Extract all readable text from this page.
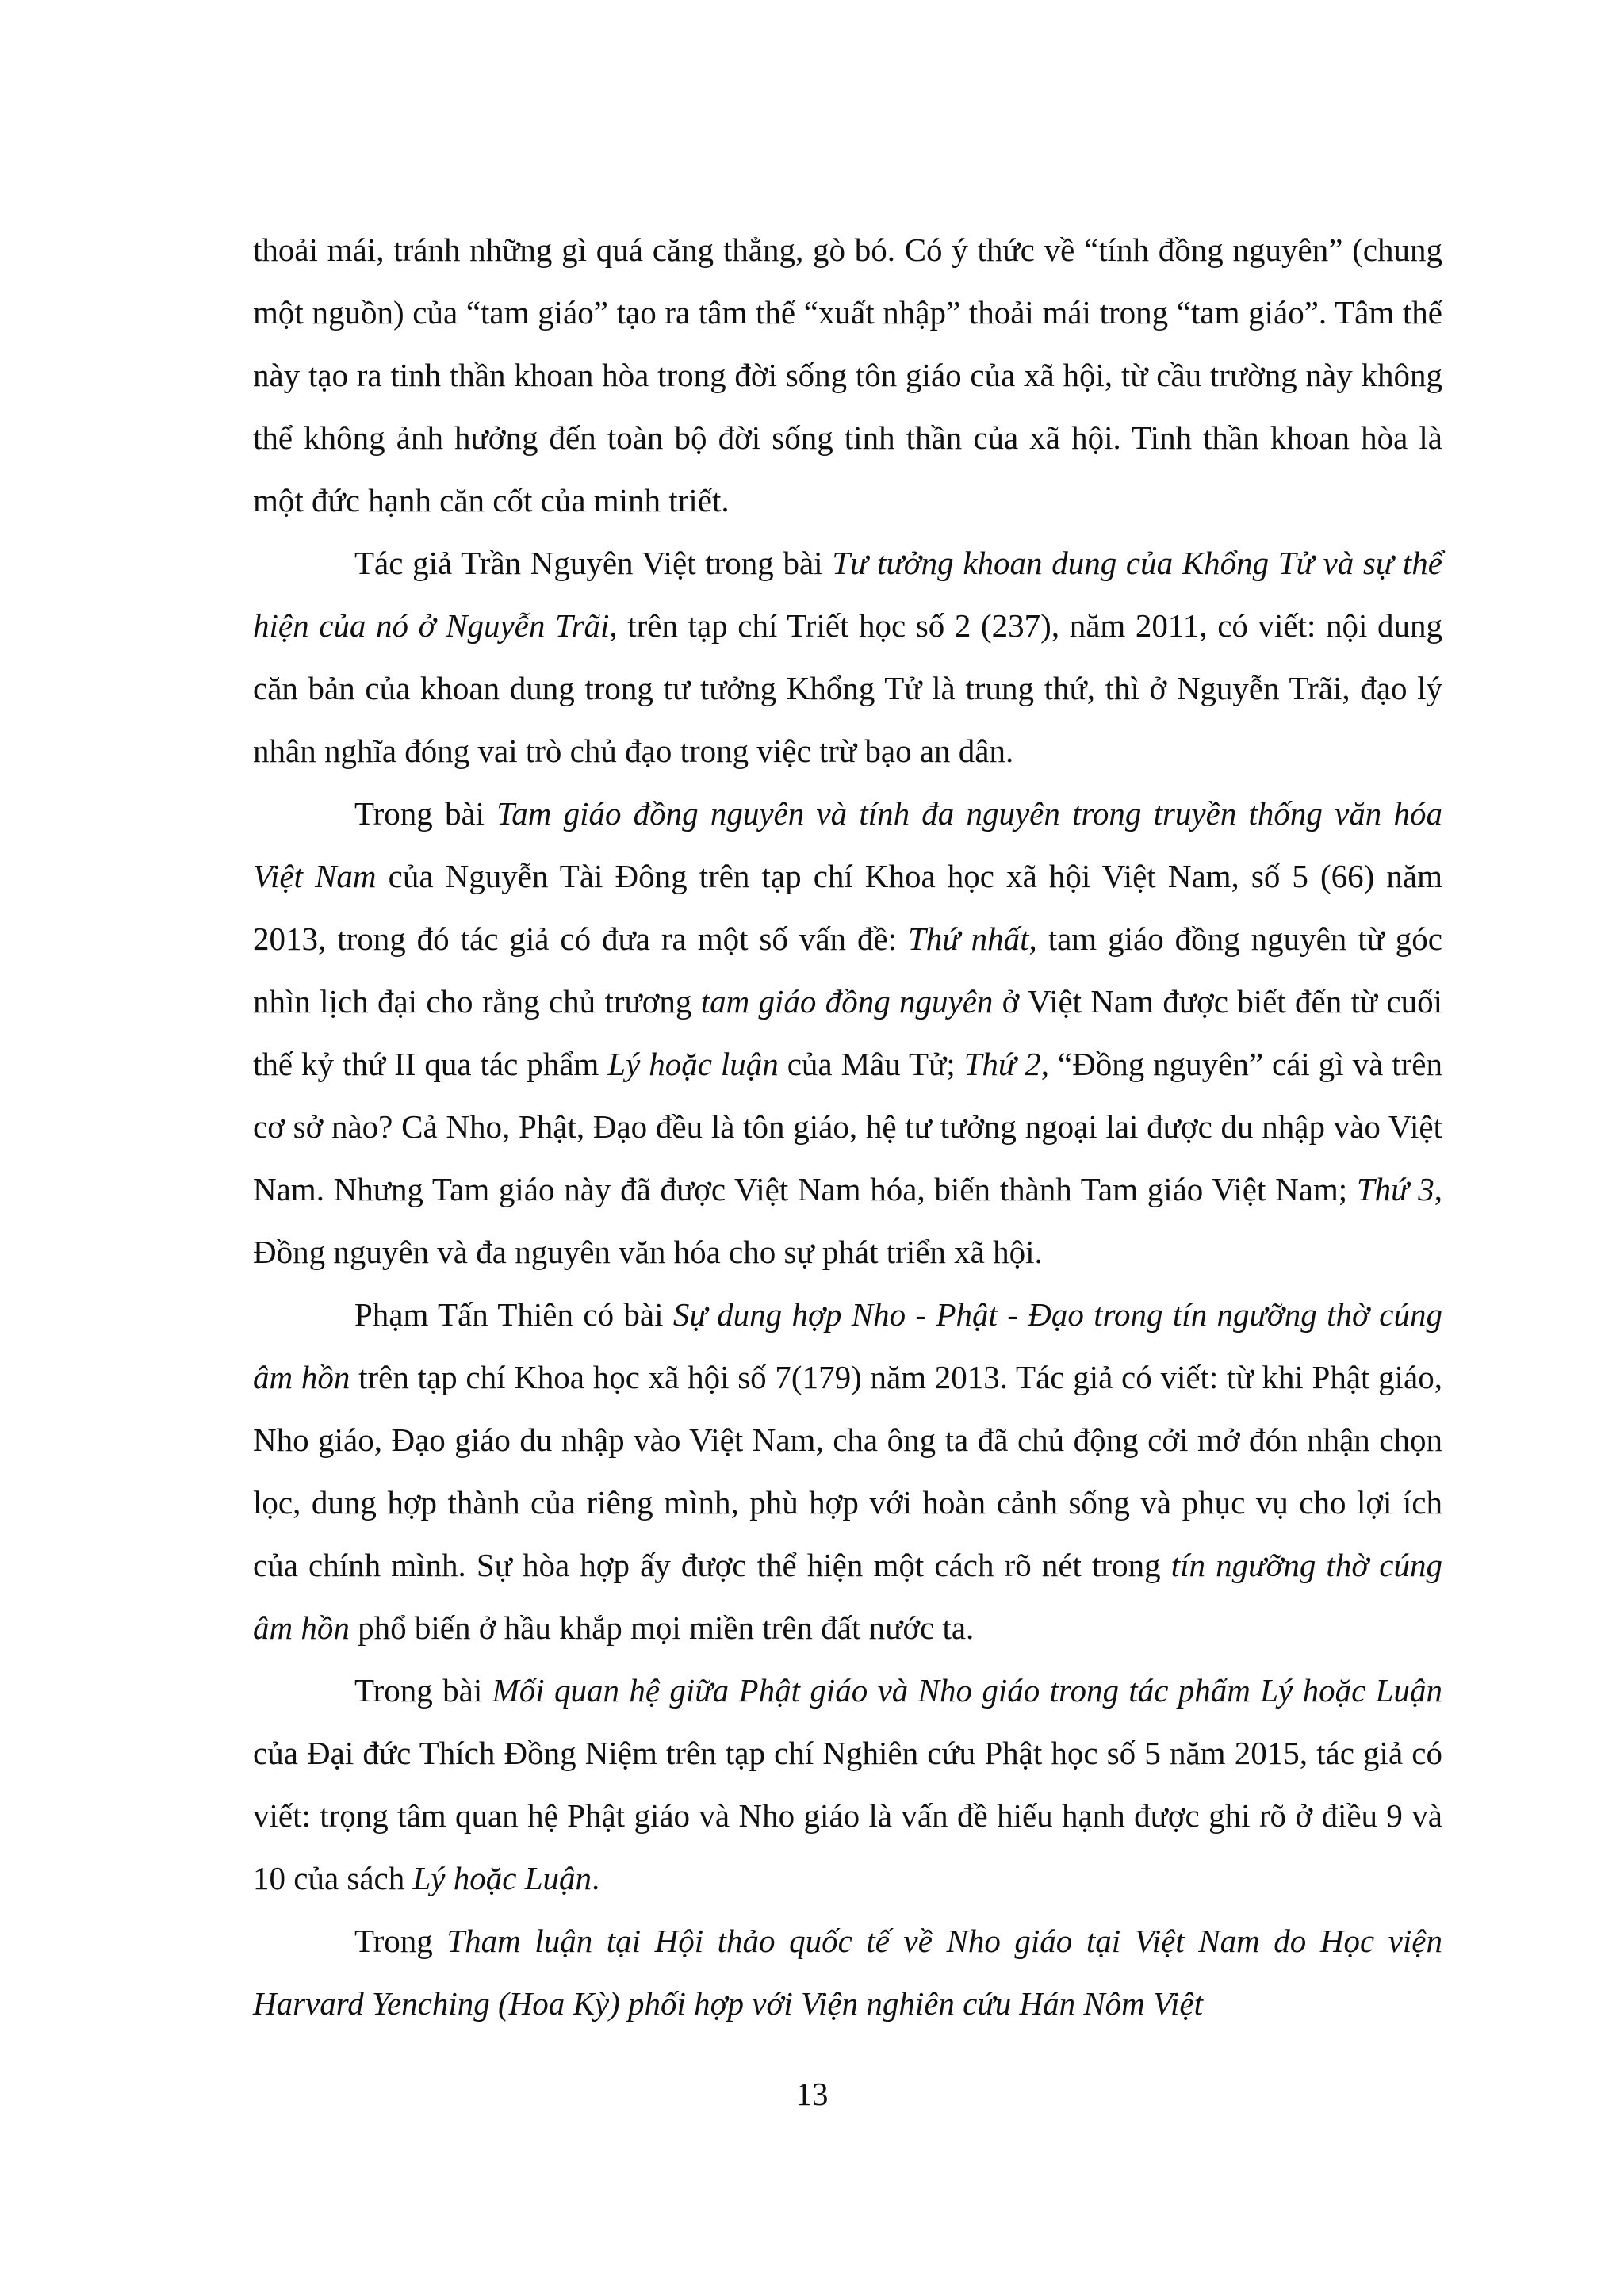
thoải mái, tránh những gì quá căng thẳng, gò bó. Có ý thức về “tính đồng nguyên” (chung một nguồn) của “tam giáo” tạo ra tâm thế “xuất nhập” thoải mái trong “tam giáo”. Tâm thế này tạo ra tinh thần khoan hòa trong đời sống tôn giáo của xã hội, từ cầu trường này không thể không ảnh hưởng đến toàn bộ đời sống tinh thần của xã hội. Tinh thần khoan hòa là một đức hạnh căn cốt của minh triết.

Tác giả Trần Nguyên Việt trong bài Tư tưởng khoan dung của Khổng Tử và sự thể hiện của nó ở Nguyễn Trãi, trên tạp chí Triết học số 2 (237), năm 2011, có viết: nội dung căn bản của khoan dung trong tư tưởng Khổng Tử là trung thứ, thì ở Nguyễn Trãi, đạo lý nhân nghĩa đóng vai trò chủ đạo trong việc trừ bạo an dân.

Trong bài Tam giáo đồng nguyên và tính đa nguyên trong truyền thống văn hóa Việt Nam của Nguyễn Tài Đông trên tạp chí Khoa học xã hội Việt Nam, số 5 (66) năm 2013, trong đó tác giả có đưa ra một số vấn đề: Thứ nhất, tam giáo đồng nguyên từ góc nhìn lịch đại cho rằng chủ trương tam giáo đồng nguyên ở Việt Nam được biết đến từ cuối thế kỷ thứ II qua tác phẩm Lý hoặc luận của Mâu Tử; Thứ 2, “Đồng nguyên” cái gì và trên cơ sở nào? Cả Nho, Phật, Đạo đều là tôn giáo, hệ tư tưởng ngoại lai được du nhập vào Việt Nam. Nhưng Tam giáo này đã được Việt Nam hóa, biến thành Tam giáo Việt Nam; Thứ 3, Đồng nguyên và đa nguyên văn hóa cho sự phát triển xã hội.

Phạm Tấn Thiên có bài Sự dung hợp Nho - Phật - Đạo trong tín ngưỡng thờ cúng âm hồn trên tạp chí Khoa học xã hội số 7(179) năm 2013. Tác giả có viết: từ khi Phật giáo, Nho giáo, Đạo giáo du nhập vào Việt Nam, cha ông ta đã chủ động cởi mở đón nhận chọn lọc, dung hợp thành của riêng mình, phù hợp với hoàn cảnh sống và phục vụ cho lợi ích của chính mình. Sự hòa hợp ấy được thể hiện một cách rõ nét trong tín ngưỡng thờ cúng âm hồn phổ biến ở hầu khắp mọi miền trên đất nước ta.

Trong bài Mối quan hệ giữa Phật giáo và Nho giáo trong tác phẩm Lý hoặc Luận của Đại đức Thích Đồng Niệm trên tạp chí Nghiên cứu Phật học số 5 năm 2015, tác giả có viết: trọng tâm quan hệ Phật giáo và Nho giáo là vấn đề hiếu hạnh được ghi rõ ở điều 9 và 10 của sách Lý hoặc Luận.

Trong Tham luận tại Hội thảo quốc tế về Nho giáo tại Việt Nam do Học viện Harvard Yenching (Hoa Kỳ) phối hợp với Viện nghiên cứu Hán Nôm Việt

13
